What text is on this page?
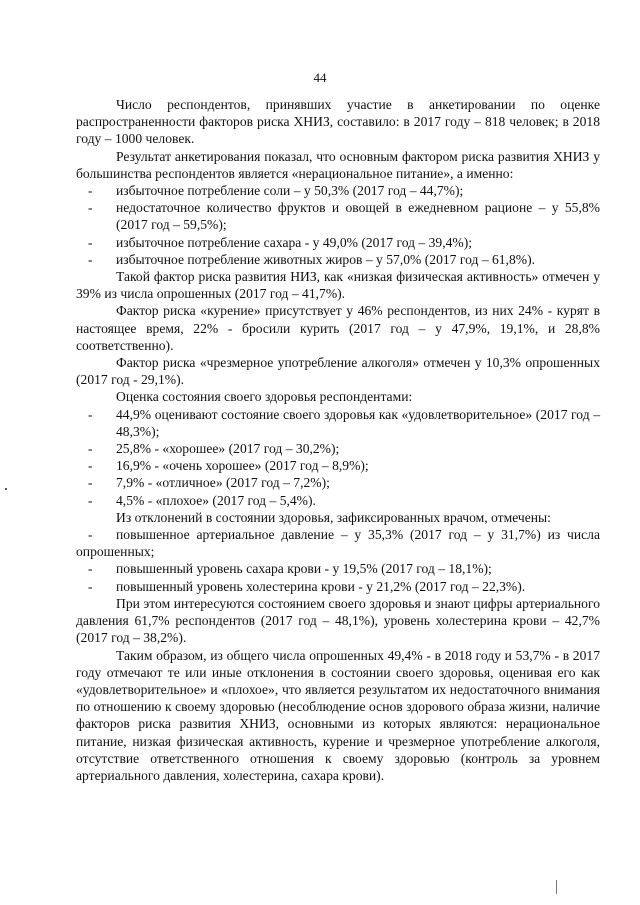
44

Число респондентов, принявших участие в анкетировании по оценке распространенности факторов риска ХНИЗ, составило: в 2017 году – 818 человек; в 2018 году – 1000 человек.

Результат анкетирования показал, что основным фактором риска развития ХНИЗ у большинства респондентов является «нерациональное питание», а именно:

- избыточное потребление соли – у 50,3% (2017 год – 44,7%);
- недостаточное количество фруктов и овощей в ежедневном рационе – у 55,8% (2017 год – 59,5%);
- избыточное потребление сахара - у 49,0% (2017 год – 39,4%);
- избыточное потребление животных жиров – у 57,0% (2017 год – 61,8%).

Такой фактор риска развития НИЗ, как «низкая физическая активность» отмечен у 39% из числа опрошенных (2017 год – 41,7%).

Фактор риска «курение» присутствует у 46% респондентов, из них 24% - курят в настоящее время, 22% - бросили курить (2017 год – у 47,9%, 19,1%, и 28,8% соответственно).

Фактор риска «чрезмерное употребление алкоголя» отмечен у 10,3% опрошенных (2017 год - 29,1%).

Оценка состояния своего здоровья респондентами:

- 44,9% оценивают состояние своего здоровья как «удовлетворительное» (2017 год – 48,3%);
- 25,8% - «хорошее» (2017 год – 30,2%);
- 16,9% - «очень хорошее» (2017 год – 8,9%);
- 7,9% - «отличное» (2017 год – 7,2%);
- 4,5% - «плохое» (2017 год – 5,4%).

Из отклонений в состоянии здоровья, зафиксированных врачом, отмечены:

- повышенное артериальное давление – у 35,3% (2017 год – у 31,7%) из числа опрошенных;
- повышенный уровень сахара крови - у 19,5% (2017 год – 18,1%);
- повышенный уровень холестерина крови - у 21,2% (2017 год – 22,3%).

При этом интересуются состоянием своего здоровья и знают цифры артериального давления 61,7% респондентов (2017 год – 48,1%), уровень холестерина крови – 42,7% (2017 год – 38,2%).

Таким образом, из общего числа опрошенных 49,4% - в 2018 году и 53,7% - в 2017 году отмечают те или иные отклонения в состоянии своего здоровья, оценивая его как «удовлетворительное» и «плохое», что является результатом их недостаточного внимания по отношению к своему здоровью (несоблюдение основ здорового образа жизни, наличие факторов риска развития ХНИЗ, основными из которых являются: нерациональное питание, низкая физическая активность, курение и чрезмерное употребление алкоголя, отсутствие ответственного отношения к своему здоровью (контроль за уровнем артериального давления, холестерина, сахара крови).
